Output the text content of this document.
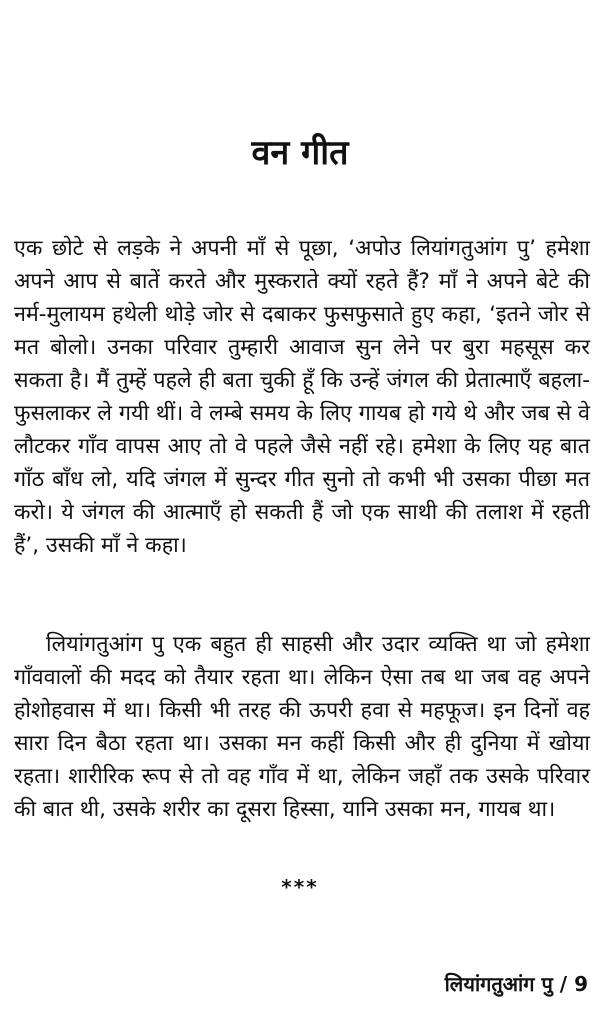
वन गीत

एक छोटे से लड़के ने अपनी माँ से पूछा, ‘अपोउ लियांगतुआंग पु’ हमेशा अपने आप से बातें करते और मुस्कराते क्यों रहते हैं? माँ ने अपने बेटे की नर्म-मुलायम हथेली थोड़े जोर से दबाकर फुसफुसाते हुए कहा, ‘इतने जोर से मत बोलो। उनका परिवार तुम्हारी आवाज सुन लेने पर बुरा महसूस कर सकता है। मैं तुम्हें पहले ही बता चुकी हूँ कि उन्हें जंगल की प्रेतात्माएँ बहला-फुसलाकर ले गयी थीं। वे लम्बे समय के लिए गायब हो गये थे और जब से वे लौटकर गाँव वापस आए तो वे पहले जैसे नहीं रहे। हमेशा के लिए यह बात गाँठ बाँध लो, यदि जंगल में सुन्दर गीत सुनो तो कभी भी उसका पीछा मत करो। ये जंगल की आत्माएँ हो सकती हैं जो एक साथी की तलाश में रहती हैं’, उसकी माँ ने कहा।

लियांगतुआंग पु एक बहुत ही साहसी और उदार व्यक्ति था जो हमेशा गाँववालों की मदद को तैयार रहता था। लेकिन ऐसा तब था जब वह अपने होशोहवास में था। किसी भी तरह की ऊपरी हवा से महफूज। इन दिनों वह सारा दिन बैठा रहता था। उसका मन कहीं किसी और ही दुनिया में खोया रहता। शारीरिक रूप से तो वह गाँव में था, लेकिन जहाँ तक उसके परिवार की बात थी, उसके शरीर का दूसरा हिस्सा, यानि उसका मन, गायब था।

***
लियांगतुआंग पु / 9
